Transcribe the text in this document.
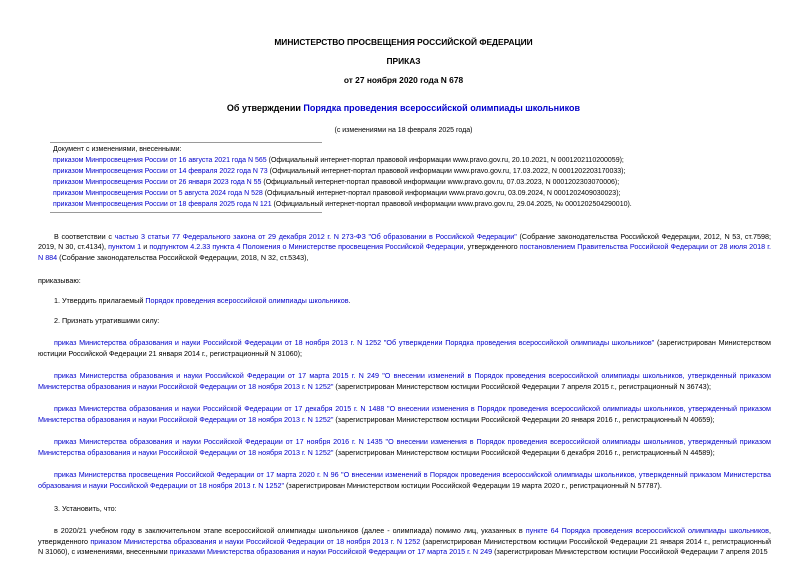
МИНИСТЕРСТВО ПРОСВЕЩЕНИЯ РОССИЙСКОЙ ФЕДЕРАЦИИ
ПРИКАЗ
от 27 ноября 2020 года N 678
Об утверждении Порядка проведения всероссийской олимпиады школьников
(с изменениями на 18 февраля 2025 года)
Документ с изменениями, внесенными:
приказом Минпросвещения России от 16 августа 2021 года N 565 (Официальный интернет-портал правовой информации www.pravo.gov.ru, 20.10.2021, N 0001202110200059);
приказом Минпросвещения России от 14 февраля 2022 года N 73 (Официальный интернет-портал правовой информации www.pravo.gov.ru, 17.03.2022, N 0001202203170033);
приказом Минпросвещения России от 26 января 2023 года N 55 (Официальный интернет-портал правовой информации www.pravo.gov.ru, 07.03.2023, N 0001202303070006);
приказом Минпросвещения России от 5 августа 2024 года N 528 (Официальный интернет-портал правовой информации www.pravo.gov.ru, 03.09.2024, N 0001202409030023);
приказом Минпросвещения России от 18 февраля 2025 года N 121 (Официальный интернет-портал правовой информации www.pravo.gov.ru, 29.04.2025, № 0001202504290010).

В соответствии с частью 3 статьи 77 Федерального закона от 29 декабря 2012 г. N 273-ФЗ "Об образовании в Российской Федерации" (Собрание законодательства Российской Федерации, 2012, N 53, ст.7598; 2019, N 30, ст.4134), пунктом 1 и подпунктом 4.2.33 пункта 4 Положения о Министерстве просвещения Российской Федерации, утвержденного постановлением Правительства Российской Федерации от 28 июля 2018 г. N 884 (Собрание законодательства Российской Федерации, 2018, N 32, ст.5343),

приказываю:

1. Утвердить прилагаемый Порядок проведения всероссийской олимпиады школьников.

2. Признать утратившими силу:

приказ Министерства образования и науки Российской Федерации от 18 ноября 2013 г. N 1252 "Об утверждении Порядка проведения всероссийской олимпиады школьников" (зарегистрирован Министерством юстиции Российской Федерации 21 января 2014 г., регистрационный N 31060);

приказ Министерства образования и науки Российской Федерации от 17 марта 2015 г. N 249 "О внесении изменений в Порядок проведения всероссийской олимпиады школьников, утвержденный приказом Министерства образования и науки Российской Федерации от 18 ноября 2013 г. N 1252" (зарегистрирован Министерством юстиции Российской Федерации 7 апреля 2015 г., регистрационный N 36743);

приказ Министерства образования и науки Российской Федерации от 17 декабря 2015 г. N 1488 "О внесении изменения в Порядок проведения всероссийской олимпиады школьников, утвержденный приказом Министерства образования и науки Российской Федерации от 18 ноября 2013 г. N 1252" (зарегистрирован Министерством юстиции Российской Федерации 20 января 2016 г., регистрационный N 40659);

приказ Министерства образования и науки Российской Федерации от 17 ноября 2016 г. N 1435 "О внесении изменения в Порядок проведения всероссийской олимпиады школьников, утвержденный приказом Министерства образования и науки Российской Федерации от 18 ноября 2013 г. N 1252" (зарегистрирован Министерством юстиции Российской Федерации 6 декабря 2016 г., регистрационный N 44589);

приказ Министерства просвещения Российской Федерации от 17 марта 2020 г. N 96 "О внесении изменений в Порядок проведения всероссийской олимпиады школьников, утвержденный приказом Министерства образования и науки Российской Федерации от 18 ноября 2013 г. N 1252" (зарегистрирован Министерством юстиции Российской Федерации 19 марта 2020 г., регистрационный N 57787).

3. Установить, что:

в 2020/21 учебном году в заключительном этапе всероссийской олимпиады школьников (далее - олимпиада) помимо лиц, указанных в пункте 64 Порядка проведения всероссийской олимпиады школьников, утвержденного приказом Министерства образования и науки Российской Федерации от 18 ноября 2013 г. N 1252 (зарегистрирован Министерством юстиции Российской Федерации 21 января 2014 г., регистрационный N 31060), с изменениями, внесенными приказами Министерства образования и науки Российской Федерации от 17 марта 2015 г. N 249 (зарегистрирован Министерством юстиции Российской Федерации 7 апреля 2015
